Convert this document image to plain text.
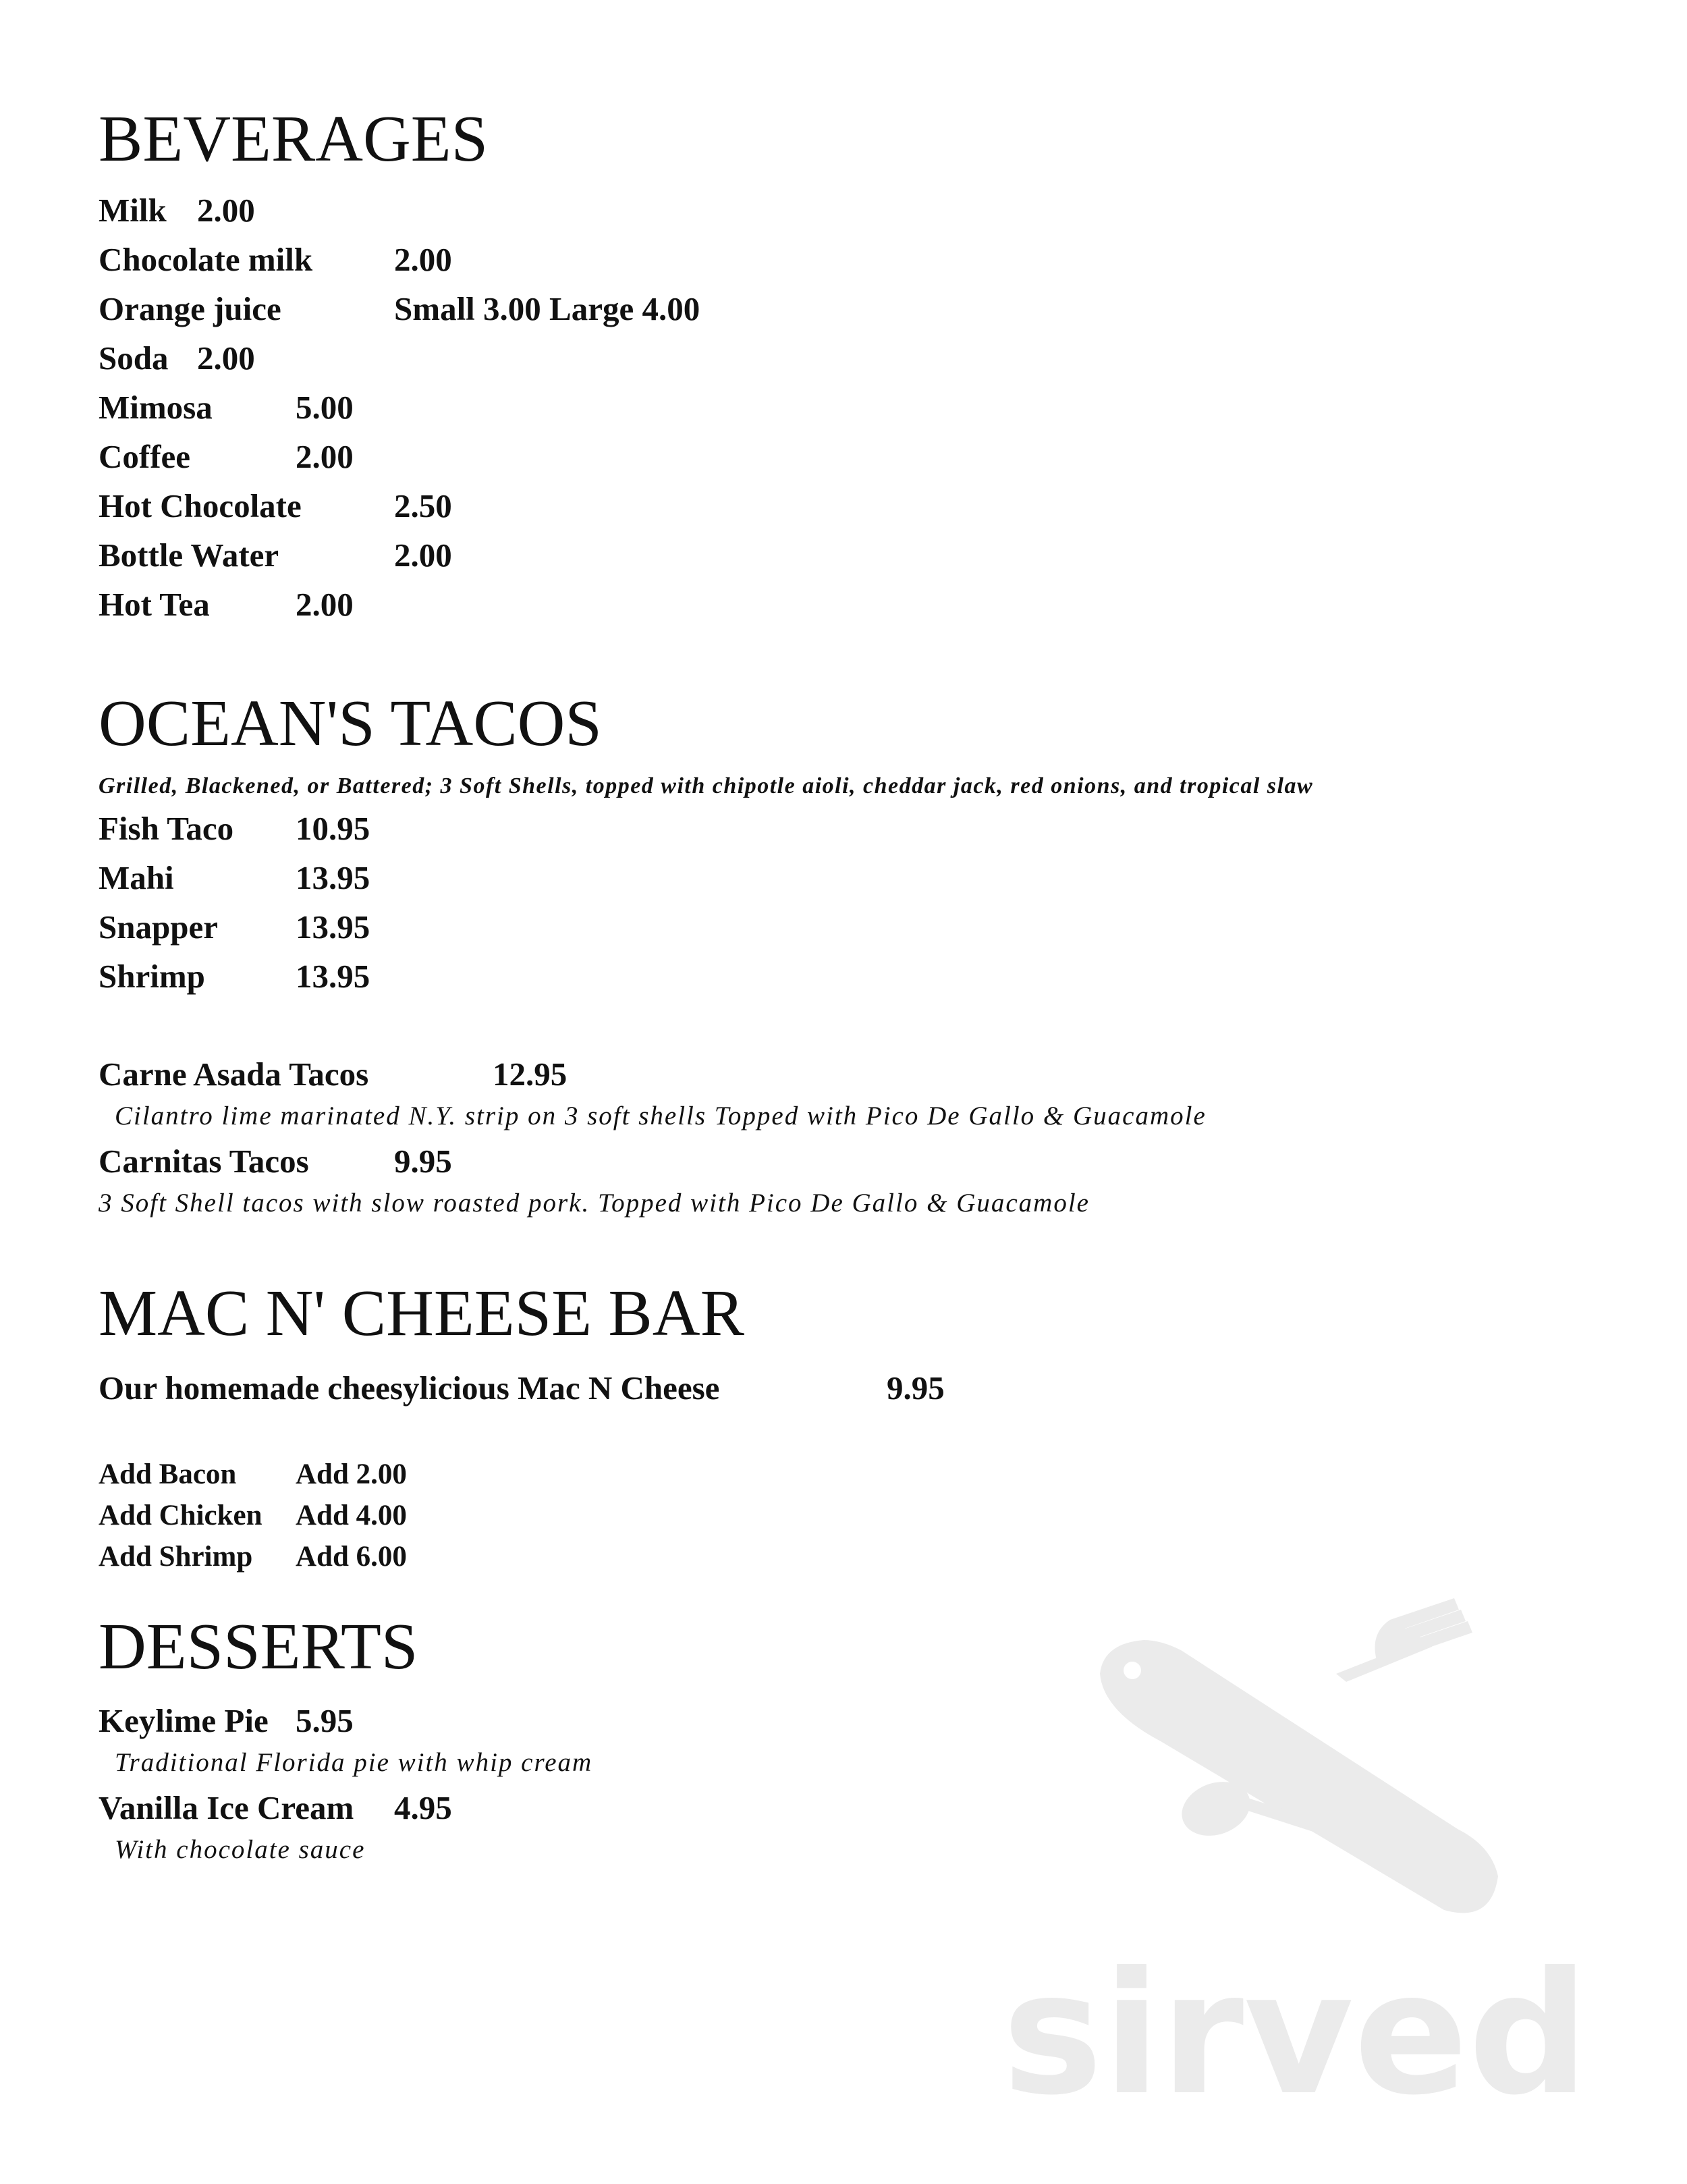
BEVERAGES
Milk 2.00
Chocolate milk 2.00
Orange juice	Small 3.00 Large 4.00
Soda 2.00
Mimosa	5.00
Coffee	2.00
Hot Chocolate	2.50
Bottle Water	2.00
Hot Tea	2.00
OCEAN'S TACOS
Grilled, Blackened, or Battered; 3 Soft Shells, topped with chipotle aioli, cheddar jack, red onions, and tropical slaw
Fish Taco 10.95
Mahi	13.95
Snapper 13.95
Shrimp	13.95
Carne Asada Tacos	12.95
Cilantro lime marinated N.Y. strip on 3 soft shells Topped with Pico De Gallo & Guacamole
Carnitas Tacos	9.95
3 Soft Shell tacos with slow roasted pork. Topped with Pico De Gallo & Guacamole
MAC N' CHEESE BAR
Our homemade cheesylicious Mac N Cheese	9.95
Add Bacon Add 2.00
Add Chicken Add 4.00
Add Shrimp Add 6.00
DESSERTS
Keylime Pie 5.95
Traditional Florida pie with whip cream
Vanilla Ice Cream 4.95
With chocolate sauce
sirved
